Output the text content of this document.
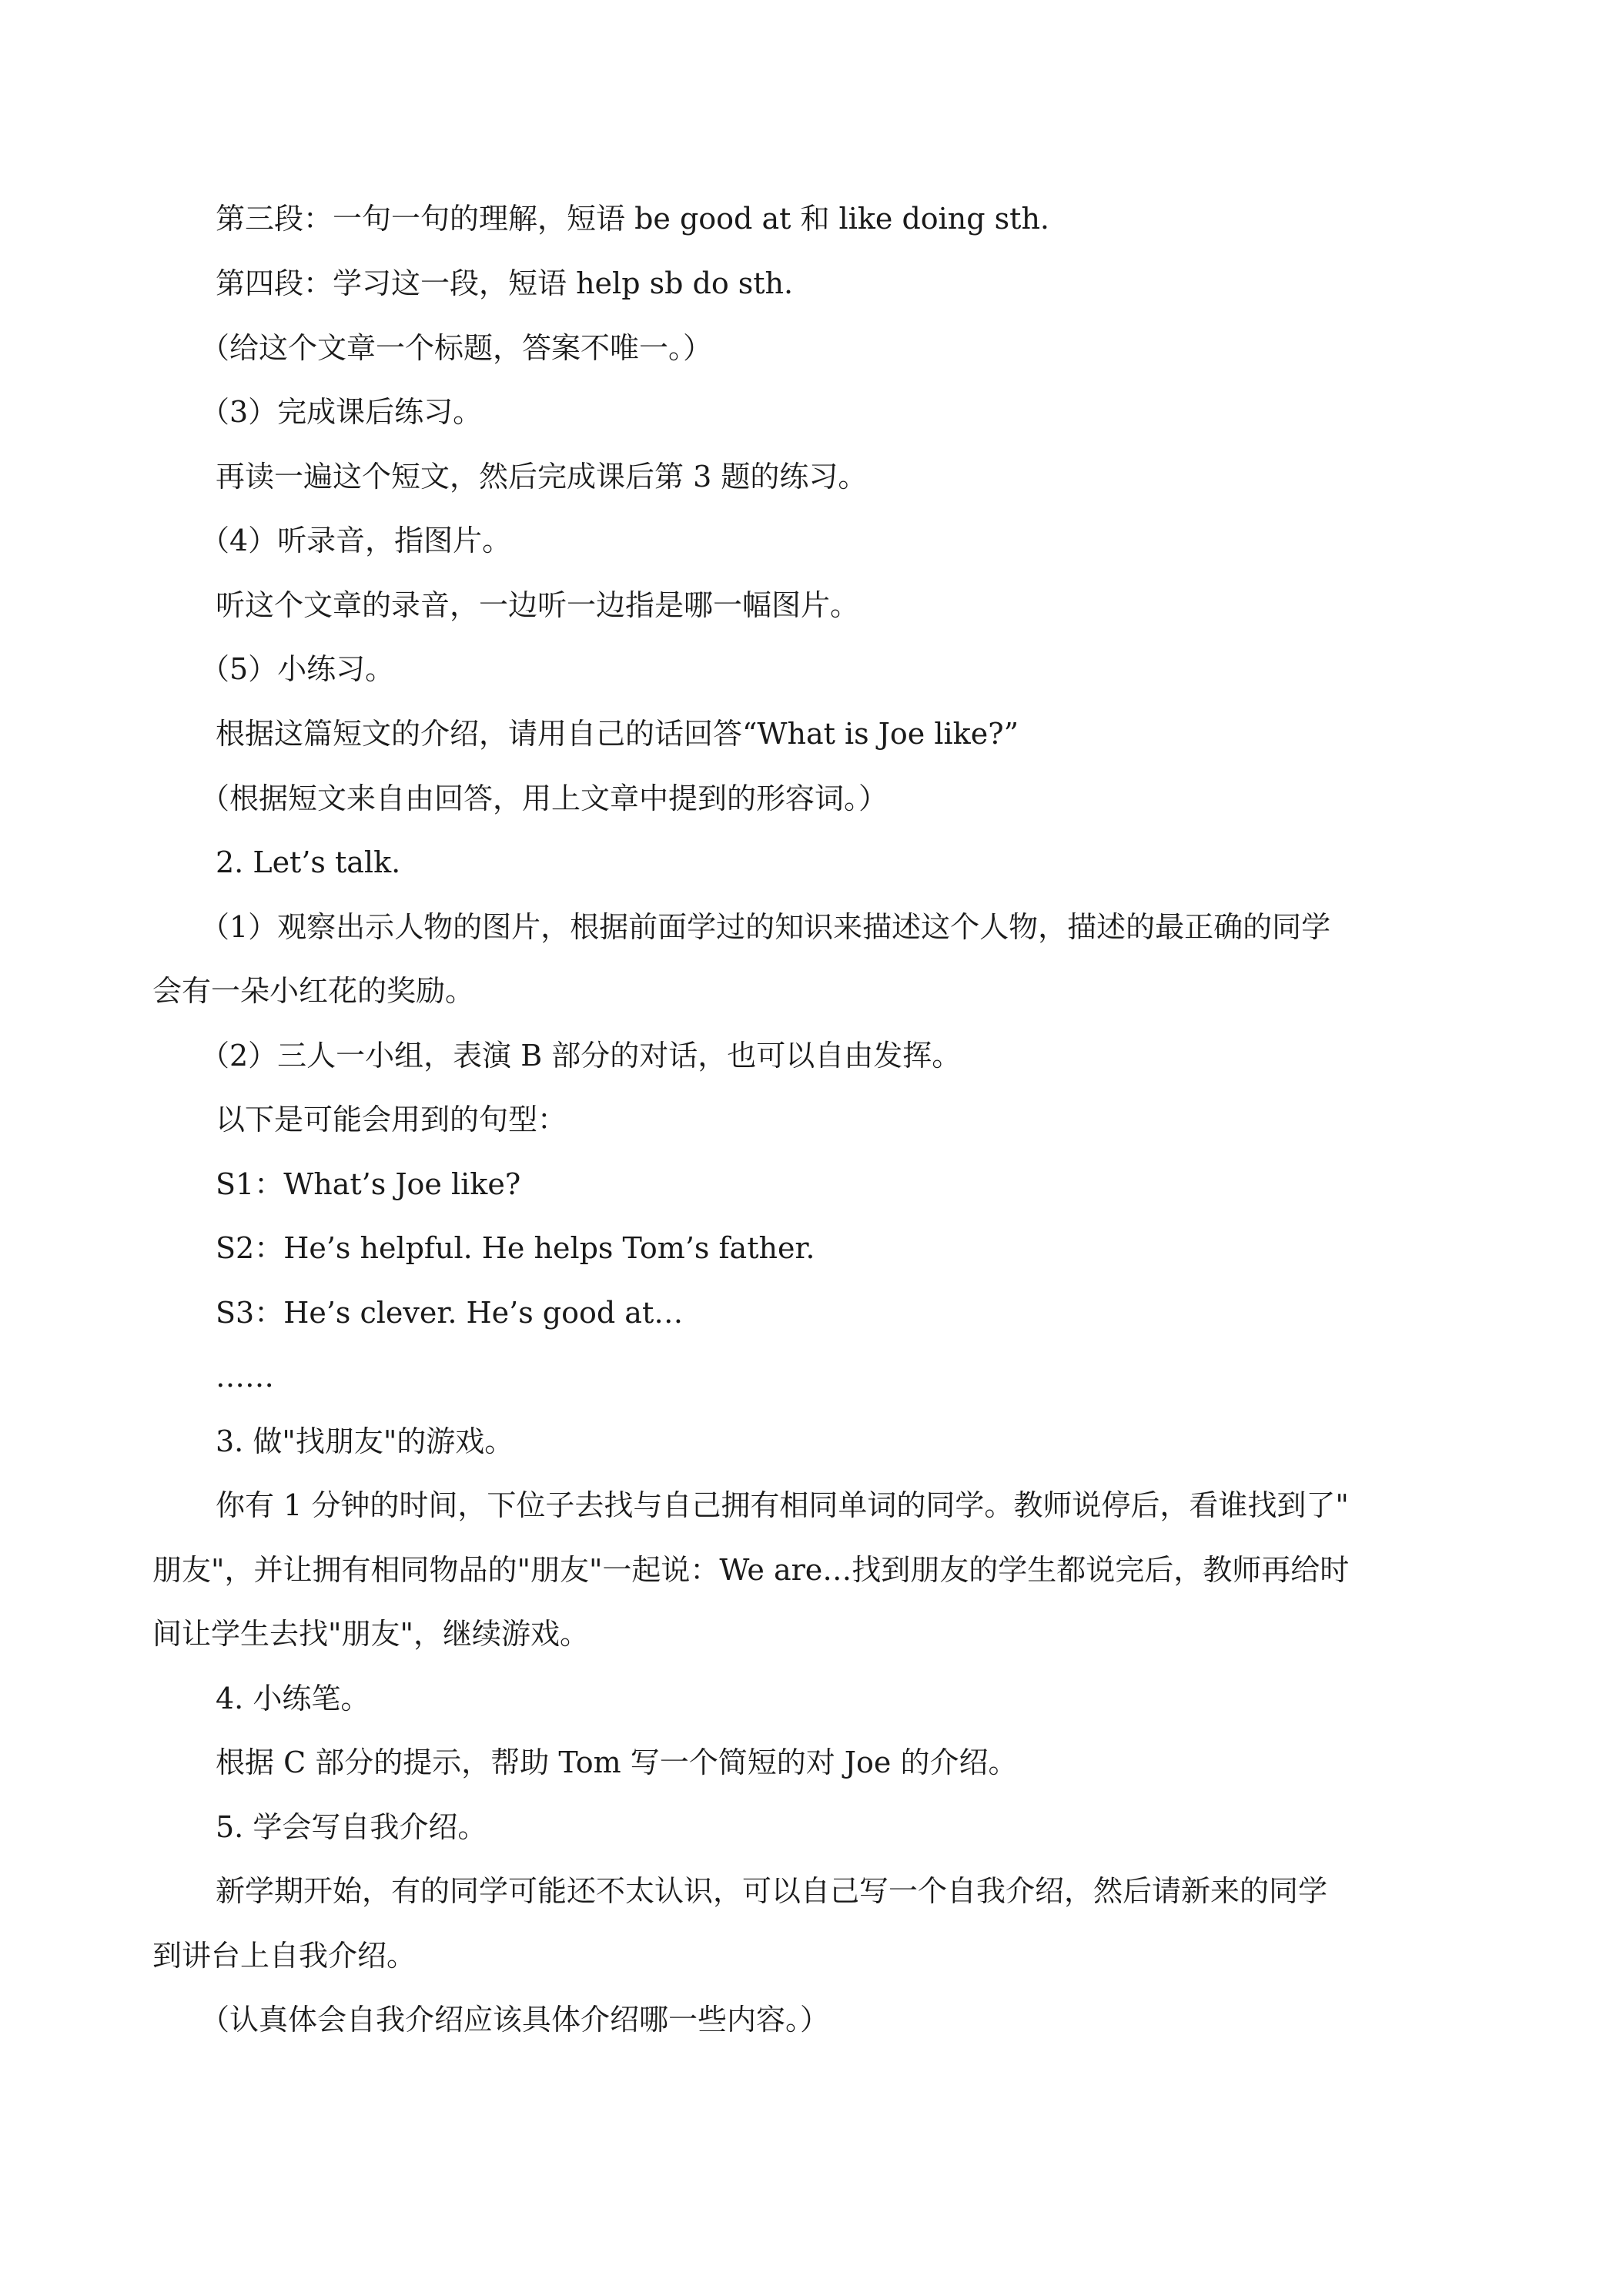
第三段：一句一句的理解，短语 be good at 和 like doing sth.
第四段：学习这一段，短语 help sb do sth.
（给这个文章一个标题，答案不唯一。）
（3）完成课后练习。
再读一遍这个短文，然后完成课后第 3 题的练习。
（4）听录音，指图片。
听这个文章的录音，一边听一边指是哪一幅图片。
（5）小练习。
根据这篇短文的介绍，请用自己的话回答“What is Joe like?”
（根据短文来自由回答，用上文章中提到的形容词。）
2. Let’s talk.
（1）观察出示人物的图片，根据前面学过的知识来描述这个人物，描述的最正确的同学
会有一朵小红花的奖励。
（2）三人一小组，表演 B 部分的对话，也可以自由发挥。
以下是可能会用到的句型：
S1：What’s Joe like?
S2：He’s helpful. He helps Tom’s father.
S3：He’s clever. He’s good at…
……
3. 做"找朋友"的游戏。
你有 1 分钟的时间，下位子去找与自己拥有相同单词的同学。教师说停后，看谁找到了"
朋友"，并让拥有相同物品的"朋友"一起说：We are…找到朋友的学生都说完后，教师再给时
间让学生去找"朋友"，继续游戏。
4. 小练笔。
根据 C 部分的提示，帮助 Tom 写一个简短的对 Joe 的介绍。
5. 学会写自我介绍。
新学期开始，有的同学可能还不太认识，可以自己写一个自我介绍，然后请新来的同学
到讲台上自我介绍。
（认真体会自我介绍应该具体介绍哪一些内容。）
